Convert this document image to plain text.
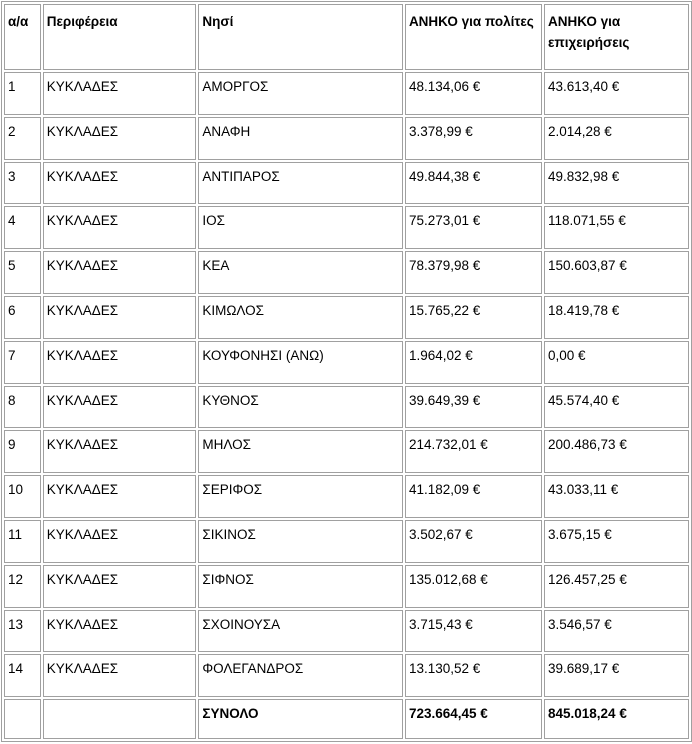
α/α	Περιφέρεια	Νησί	ΑΝΗΚΟ για πολίτες	ΑΝΗΚΟ για επιχειρήσεις
1	ΚΥΚΛΑΔΕΣ	ΑΜΟΡΓΟΣ	48.134,06 €	43.613,40 €
2	ΚΥΚΛΑΔΕΣ	ΑΝΑΦΗ	3.378,99 €	2.014,28 €
3	ΚΥΚΛΑΔΕΣ	ΑΝΤΙΠΑΡΟΣ	49.844,38 €	49.832,98 €
4	ΚΥΚΛΑΔΕΣ	ΙΟΣ	75.273,01 €	118.071,55 €
5	ΚΥΚΛΑΔΕΣ	ΚΕΑ	78.379,98 €	150.603,87 €
6	ΚΥΚΛΑΔΕΣ	ΚΙΜΩΛΟΣ	15.765,22 €	18.419,78 €
7	ΚΥΚΛΑΔΕΣ	ΚΟΥΦΟΝΗΣΙ (ΑΝΩ)	1.964,02 €	0,00 €
8	ΚΥΚΛΑΔΕΣ	ΚΥΘΝΟΣ	39.649,39 €	45.574,40 €
9	ΚΥΚΛΑΔΕΣ	ΜΗΛΟΣ	214.732,01 €	200.486,73 €
10	ΚΥΚΛΑΔΕΣ	ΣΕΡΙΦΟΣ	41.182,09 €	43.033,11 €
11	ΚΥΚΛΑΔΕΣ	ΣΙΚΙΝΟΣ	3.502,67 €	3.675,15 €
12	ΚΥΚΛΑΔΕΣ	ΣΙΦΝΟΣ	135.012,68 €	126.457,25 €
13	ΚΥΚΛΑΔΕΣ	ΣΧΟΙΝΟΥΣΑ	3.715,43 €	3.546,57 €
14	ΚΥΚΛΑΔΕΣ	ΦΟΛΕΓΑΝΔΡΟΣ	13.130,52 €	39.689,17 €
		ΣΥΝΟΛΟ	723.664,45 €	845.018,24 €
